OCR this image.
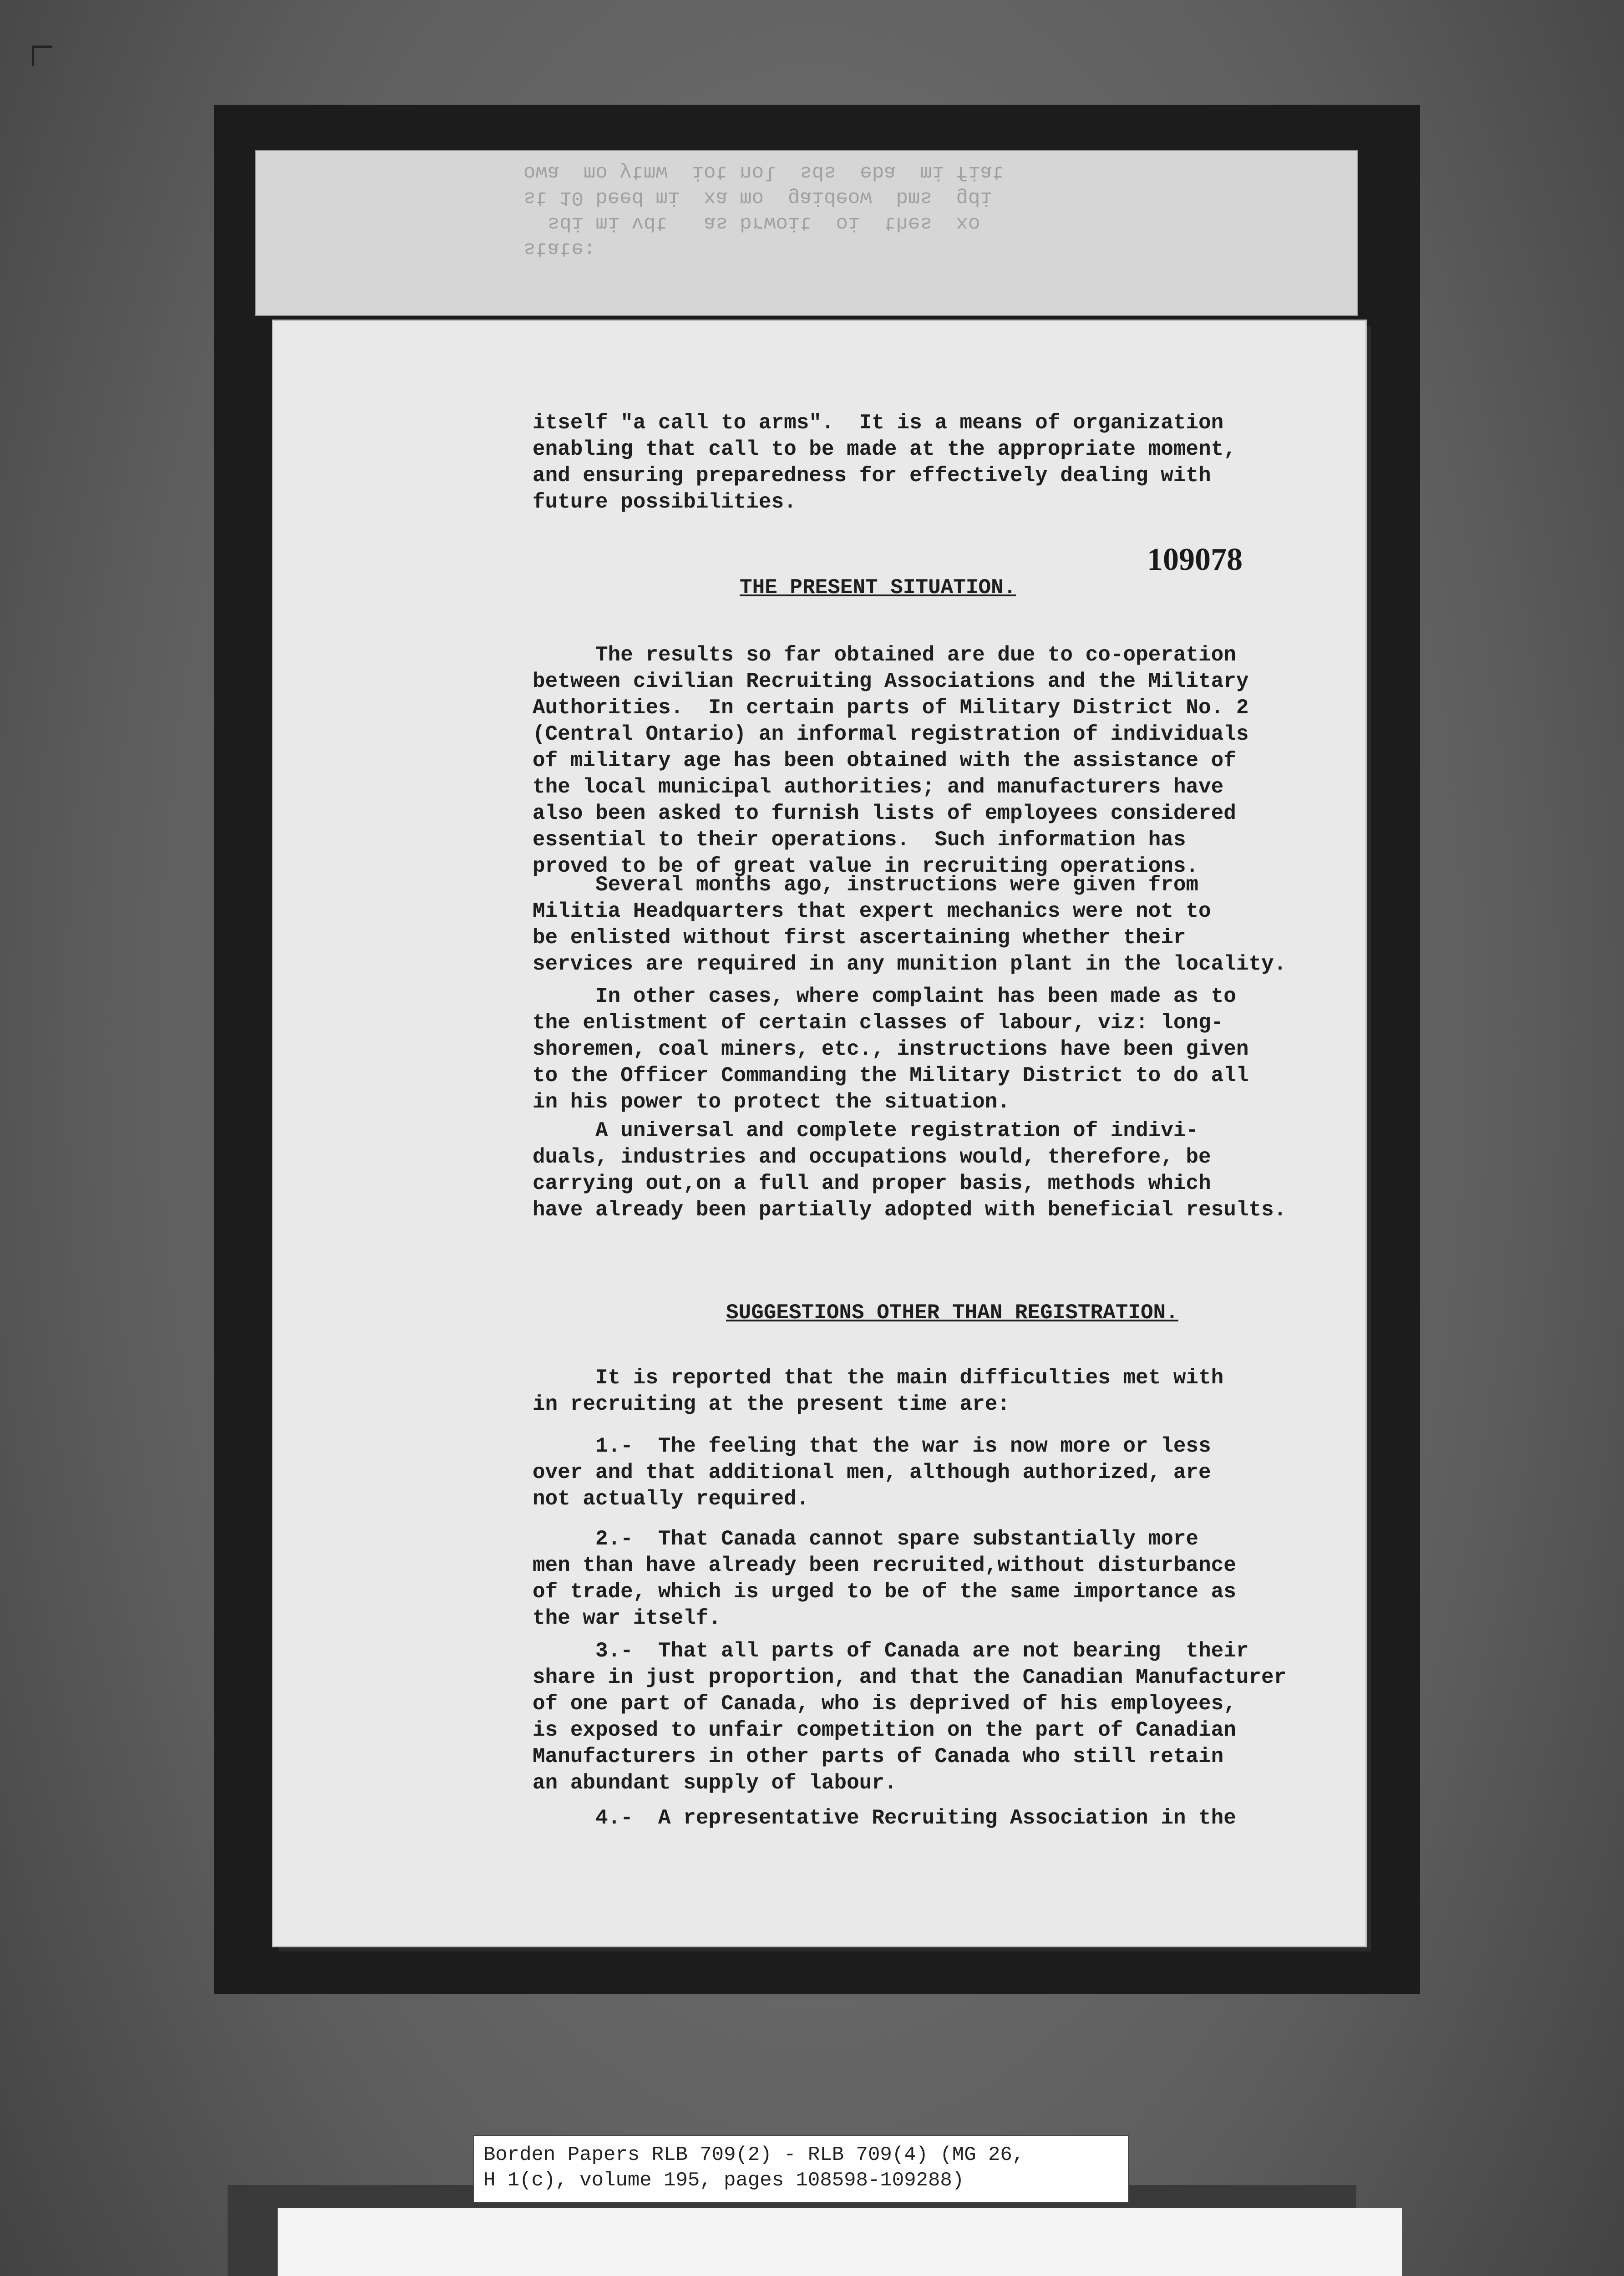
state:
sdi mi vdt   as brwoit  oi  thes  xo
st 10 beed mi  xa mo  gaideow  bms  gdi
owa  mo ytmw  iot nol  sds  eba  mi fiat
itself "a call to arms".  It is a means of organization
enabling that call to be made at the appropriate moment,
and ensuring preparedness for effectively dealing with
future possibilities.
109078
THE PRESENT SITUATION.
The results so far obtained are due to co-operation
between civilian Recruiting Associations and the Military
Authorities.  In certain parts of Military District No. 2
(Central Ontario) an informal registration of individuals
of military age has been obtained with the assistance of
the local municipal authorities; and manufacturers have
also been asked to furnish lists of employees considered
essential to their operations.  Such information has
proved to be of great value in recruiting operations.
Several months ago, instructions were given from
Militia Headquarters that expert mechanics were not to
be enlisted without first ascertaining whether their
services are required in any munition plant in the locality.
In other cases, where complaint has been made as to
the enlistment of certain classes of labour, viz: long-
shoremen, coal miners, etc., instructions have been given
to the Officer Commanding the Military District to do all
in his power to protect the situation.
A universal and complete registration of indivi-
duals, industries and occupations would, therefore, be
carrying out,on a full and proper basis, methods which
have already been partially adopted with beneficial results.
SUGGESTIONS OTHER THAN REGISTRATION.
It is reported that the main difficulties met with
in recruiting at the present time are:
1.-  The feeling that the war is now more or less
over and that additional men, although authorized, are
not actually required.
2.-  That Canada cannot spare substantially more
men than have already been recruited,without disturbance
of trade, which is urged to be of the same importance as
the war itself.
3.-  That all parts of Canada are not bearing  their
share in just proportion, and that the Canadian Manufacturer
of one part of Canada, who is deprived of his employees,
is exposed to unfair competition on the part of Canadian
Manufacturers in other parts of Canada who still retain
an abundant supply of labour.
4.-  A representative Recruiting Association in the
Borden Papers RLB 709(2) - RLB 709(4) (MG 26,
H 1(c), volume 195, pages 108598-109288)
